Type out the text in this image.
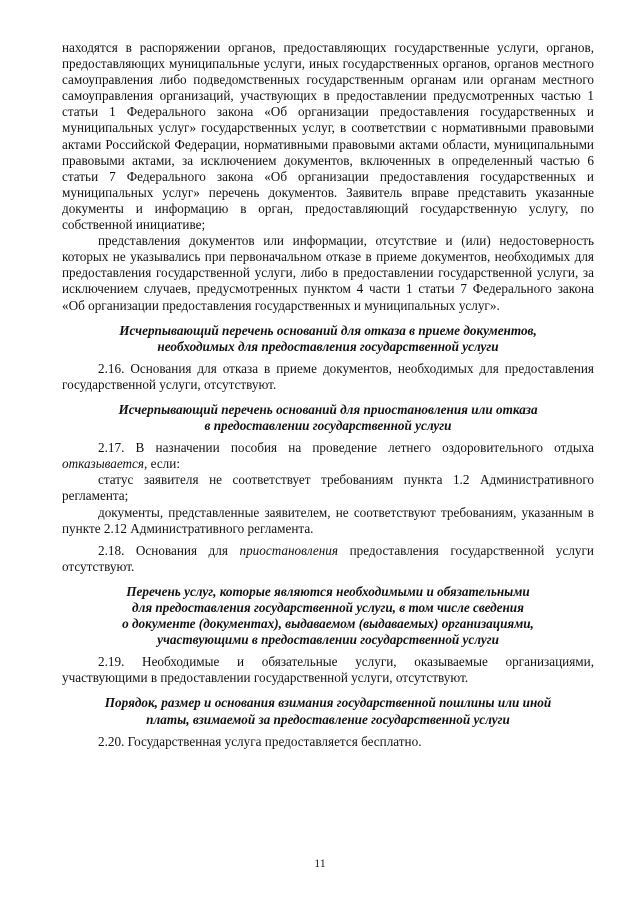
находятся в распоряжении органов, предоставляющих государственные услуги, органов, предоставляющих муниципальные услуги, иных государственных органов, органов местного самоуправления либо подведомственных государственным органам или органам местного самоуправления организаций, участвующих в предоставлении предусмотренных частью 1 статьи 1 Федерального закона «Об организации предоставления государственных и муниципальных услуг» государственных услуг, в соответствии с нормативными правовыми актами Российской Федерации, нормативными правовыми актами области, муниципальными правовыми актами, за исключением документов, включенных в определенный частью 6 статьи 7 Федерального закона «Об организации предоставления государственных и муниципальных услуг» перечень документов. Заявитель вправе представить указанные документы и информацию в орган, предоставляющий государственную услугу, по собственной инициативе;

представления документов или информации, отсутствие и (или) недостоверность которых не указывались при первоначальном отказе в приеме документов, необходимых для предоставления государственной услуги, либо в предоставлении государственной услуги, за исключением случаев, предусмотренных пунктом 4 части 1 статьи 7 Федерального закона «Об организации предоставления государственных и муниципальных услуг».

Исчерпывающий перечень оснований для отказа в приеме документов,
необходимых для предоставления государственной услуги

2.16. Основания для отказа в приеме документов, необходимых для предоставления государственной услуги, отсутствуют.

Исчерпывающий перечень оснований для приостановления или отказа
в предоставлении государственной услуги

2.17. В назначении пособия на проведение летнего оздоровительного отдыха отказывается, если:

статус заявителя не соответствует требованиям пункта 1.2 Административного регламента;

документы, представленные заявителем, не соответствуют требованиям, указанным в пункте 2.12 Административного регламента.

2.18. Основания для приостановления предоставления государственной услуги отсутствуют.

Перечень услуг, которые являются необходимыми и обязательными
для предоставления государственной услуги, в том числе сведения
о документе (документах), выдаваемом (выдаваемых) организациями,
участвующими в предоставлении государственной услуги

2.19. Необходимые и обязательные услуги, оказываемые организациями, участвующими в предоставлении государственной услуги, отсутствуют.

Порядок, размер и основания взимания государственной пошлины или иной
платы, взимаемой за предоставление государственной услуги

2.20. Государственная услуга предоставляется бесплатно.

11
